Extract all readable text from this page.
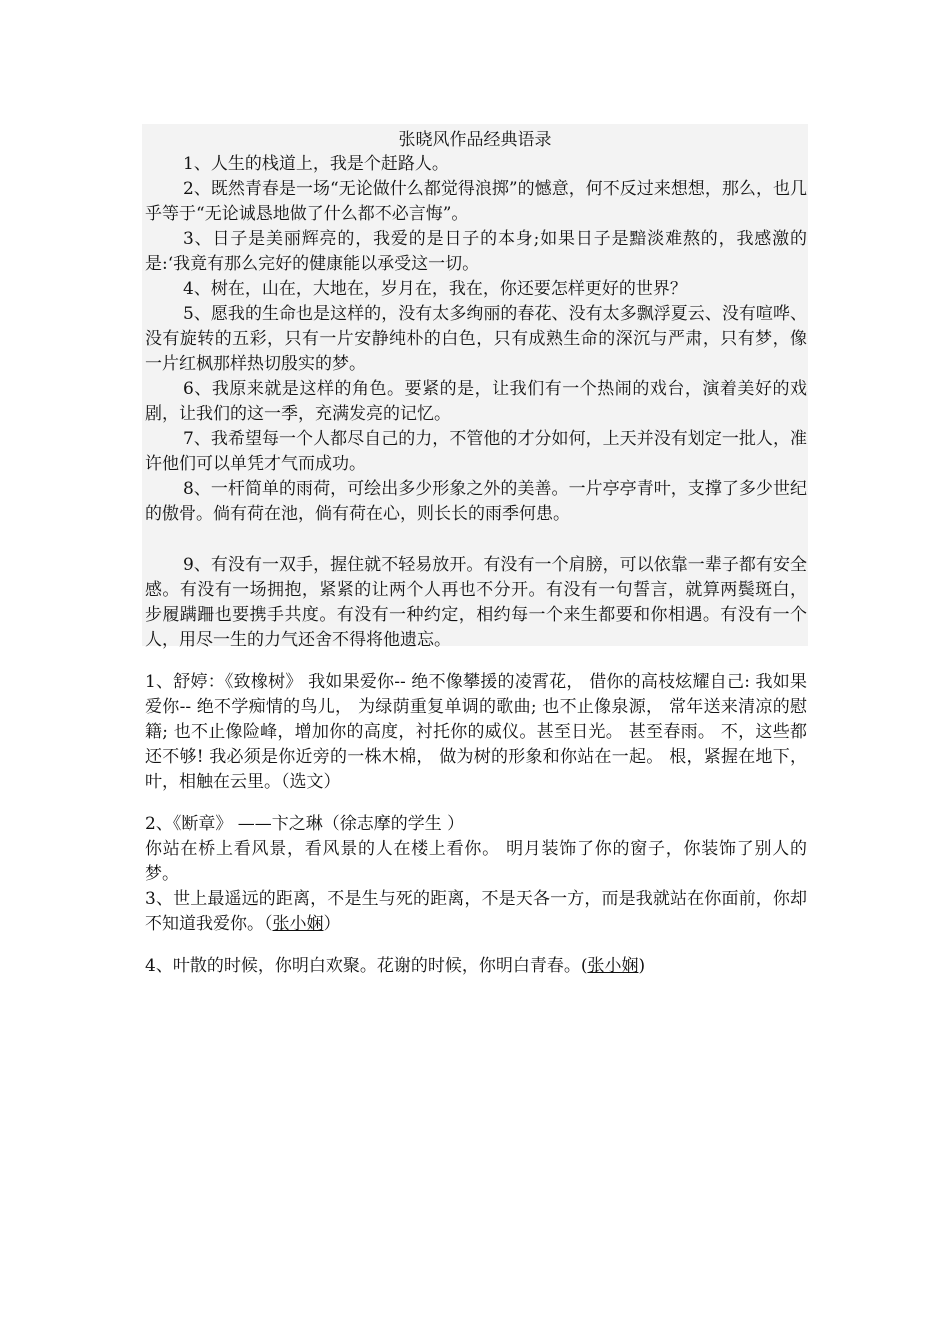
张晓风作品经典语录

1、人生的栈道上，我是个赶路人。

2、既然青春是一场“无论做什么都觉得浪掷”的憾意，何不反过来想想，那么，也几乎等于“无论诚恳地做了什么都不必言悔”。

3、日子是美丽辉亮的，我爱的是日子的本身;如果日子是黯淡难熬的，我感激的是:‘我竟有那么完好的健康能以承受这一切。

4、树在，山在，大地在，岁月在，我在，你还要怎样更好的世界？

5、愿我的生命也是这样的，没有太多绚丽的春花、没有太多飘浮夏云、没有喧哗、没有旋转的五彩，只有一片安静纯朴的白色，只有成熟生命的深沉与严肃，只有梦，像一片红枫那样热切殷实的梦。

6、我原来就是这样的角色。要紧的是，让我们有一个热闹的戏台，演着美好的戏剧，让我们的这一季，充满发亮的记忆。

7、我希望每一个人都尽自己的力，不管他的才分如何，上天并没有划定一批人，准许他们可以单凭才气而成功。

8、一杆简单的雨荷，可绘出多少形象之外的美善。一片亭亭青叶，支撑了多少世纪的傲骨。倘有荷在池，倘有荷在心，则长长的雨季何患。

9、有没有一双手，握住就不轻易放开。有没有一个肩膀，可以依靠一辈子都有安全感。有没有一场拥抱，紧紧的让两个人再也不分开。有没有一句誓言，就算两鬓斑白，步履蹒跚也要携手共度。有没有一种约定，相约每一个来生都要和你相遇。有没有一个人，用尽一生的力气还舍不得将他遗忘。

1、舒婷：《致橡树》 我如果爱你-- 绝不像攀援的凌霄花， 借你的高枝炫耀自己: 我如果爱你-- 绝不学痴情的鸟儿， 为绿荫重复单调的歌曲; 也不止像泉源， 常年送来清凉的慰籍; 也不止像险峰，增加你的高度，衬托你的威仪。甚至日光。 甚至春雨。 不，这些都还不够! 我必须是你近旁的一株木棉， 做为树的形象和你站在一起。 根，紧握在地下， 叶，相触在云里。（选文）

2、《断章》 ——卞之琳（徐志摩的学生 ）

你站在桥上看风景，看风景的人在楼上看你。 明月装饰了你的窗子，你装饰了别人的梦。

3、世上最遥远的距离，不是生与死的距离，不是天各一方，而是我就站在你面前，你却不知道我爱你。（张小娴）

4、叶散的时候，你明白欢聚。花谢的时候，你明白青春。(张小娴)
